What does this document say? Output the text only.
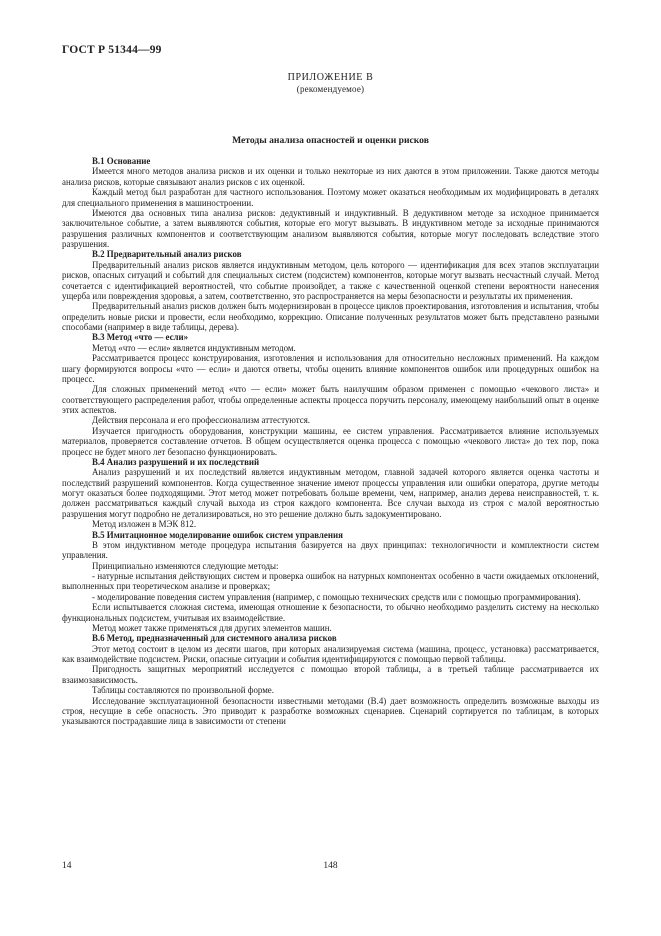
ГОСТ Р 51344—99
ПРИЛОЖЕНИЕ В
(рекомендуемое)
Методы анализа опасностей и оценки рисков

В.1 Основание

Имеется много методов анализа рисков и их оценки и только некоторые из них даются в этом приложении. Также даются методы анализа рисков, которые связывают анализ рисков с их оценкой.

Каждый метод был разработан для частного использования. Поэтому может оказаться необходимым их модифицировать в деталях для специального применения в машиностроении.

Имеются два основных типа анализа рисков: дедуктивный и индуктивный. В дедуктивном методе за исходное принимается заключительное событие, а затем выявляются события, которые его могут вызывать. В индуктивном методе за исходные принимаются разрушения различных компонентов и соответствующим анализом выявляются события, которые могут последовать вследствие этого разрушения.

В.2 Предварительный анализ рисков

Предварительный анализ рисков является индуктивным методом, цель которого — идентификация для всех этапов эксплуатации рисков, опасных ситуаций и событий для специальных систем (подсистем) компонентов, которые могут вызвать несчастный случай. Метод сочетается с идентификацией вероятностей, что событие произойдет, а также с качественной оценкой степени вероятности нанесения ущерба или повреждения здоровья, а затем, соответственно, это распространяется на меры безопасности и результаты их применения.

Предварительный анализ рисков должен быть модернизирован в процессе циклов проектирования, изготовления и испытания, чтобы определить новые риски и провести, если необходимо, коррекцию. Описание полученных результатов может быть представлено разными способами (например в виде таблицы, дерева).

В.3 Метод «что — если»

Метод «что — если» является индуктивным методом.

Рассматривается процесс конструирования, изготовления и использования для относительно несложных применений. На каждом шагу формируются вопросы «что — если» и даются ответы, чтобы оценить влияние компонентов ошибок или процедурных ошибок на процесс.

Для сложных применений метод «что — если» может быть наилучшим образом применен с помощью «чекового листа» и соответствующего распределения работ, чтобы определенные аспекты процесса поручить персоналу, имеющему наибольший опыт в оценке этих аспектов.

Действия персонала и его профессионализм аттестуются.

Изучается пригодность оборудования, конструкции машины, ее систем управления. Рассматривается влияние используемых материалов, проверяется составление отчетов. В общем осуществляется оценка процесса с помощью «чекового листа» до тех пор, пока процесс не будет много лет безопасно функционировать.

В.4 Анализ разрушений и их последствий

Анализ разрушений и их последствий является индуктивным методом, главной задачей которого является оценка частоты и последствий разрушений компонентов. Когда существенное значение имеют процессы управления или ошибки оператора, другие методы могут оказаться более подходящими. Этот метод может потребовать больше времени, чем, например, анализ дерева неисправностей, т. к. должен рассматриваться каждый случай выхода из строя каждого компонента. Все случаи выхода из строя с малой вероятностью разрушения могут подробно не детализироваться, но это решение должно быть задокументировано.

Метод изложен в МЭК 812.

В.5 Имитационное моделирование ошибок систем управления

В этом индуктивном методе процедура испытания базируется на двух принципах: технологичности и комплектности систем управления.

Принципиально изменяются следующие методы:

- натурные испытания действующих систем и проверка ошибок на натурных компонентах особенно в части ожидаемых отклонений, выполненных при теоретическом анализе и проверках;

- моделирование поведения систем управления (например, с помощью технических средств или с помощью программирования).

Если испытывается сложная система, имеющая отношение к безопасности, то обычно необходимо разделить систему на несколько функциональных подсистем, учитывая их взаимодействие.

Метод может также применяться для других элементов машин.

В.6 Метод, предназначенный для системного анализа рисков

Этот метод состоит в целом из десяти шагов, при которых анализируемая система (машина, процесс, установка) рассматривается, как взаимодействие подсистем. Риски, опасные ситуации и события идентифицируются с помощью первой таблицы.

Пригодность защитных мероприятий исследуется с помощью второй таблицы, а в третьей таблице рассматривается их взаимозависимость.

Таблицы составляются по произвольной форме.

Исследование эксплуатационной безопасности известными методами (В.4) дает возможность определить возможные выходы из строя, несущие в себе опасность. Это приводит к разработке возможных сценариев. Сценарий сортируется по таблицам, в которых указываются пострадавшие лица в зависимости от степени

14	148
